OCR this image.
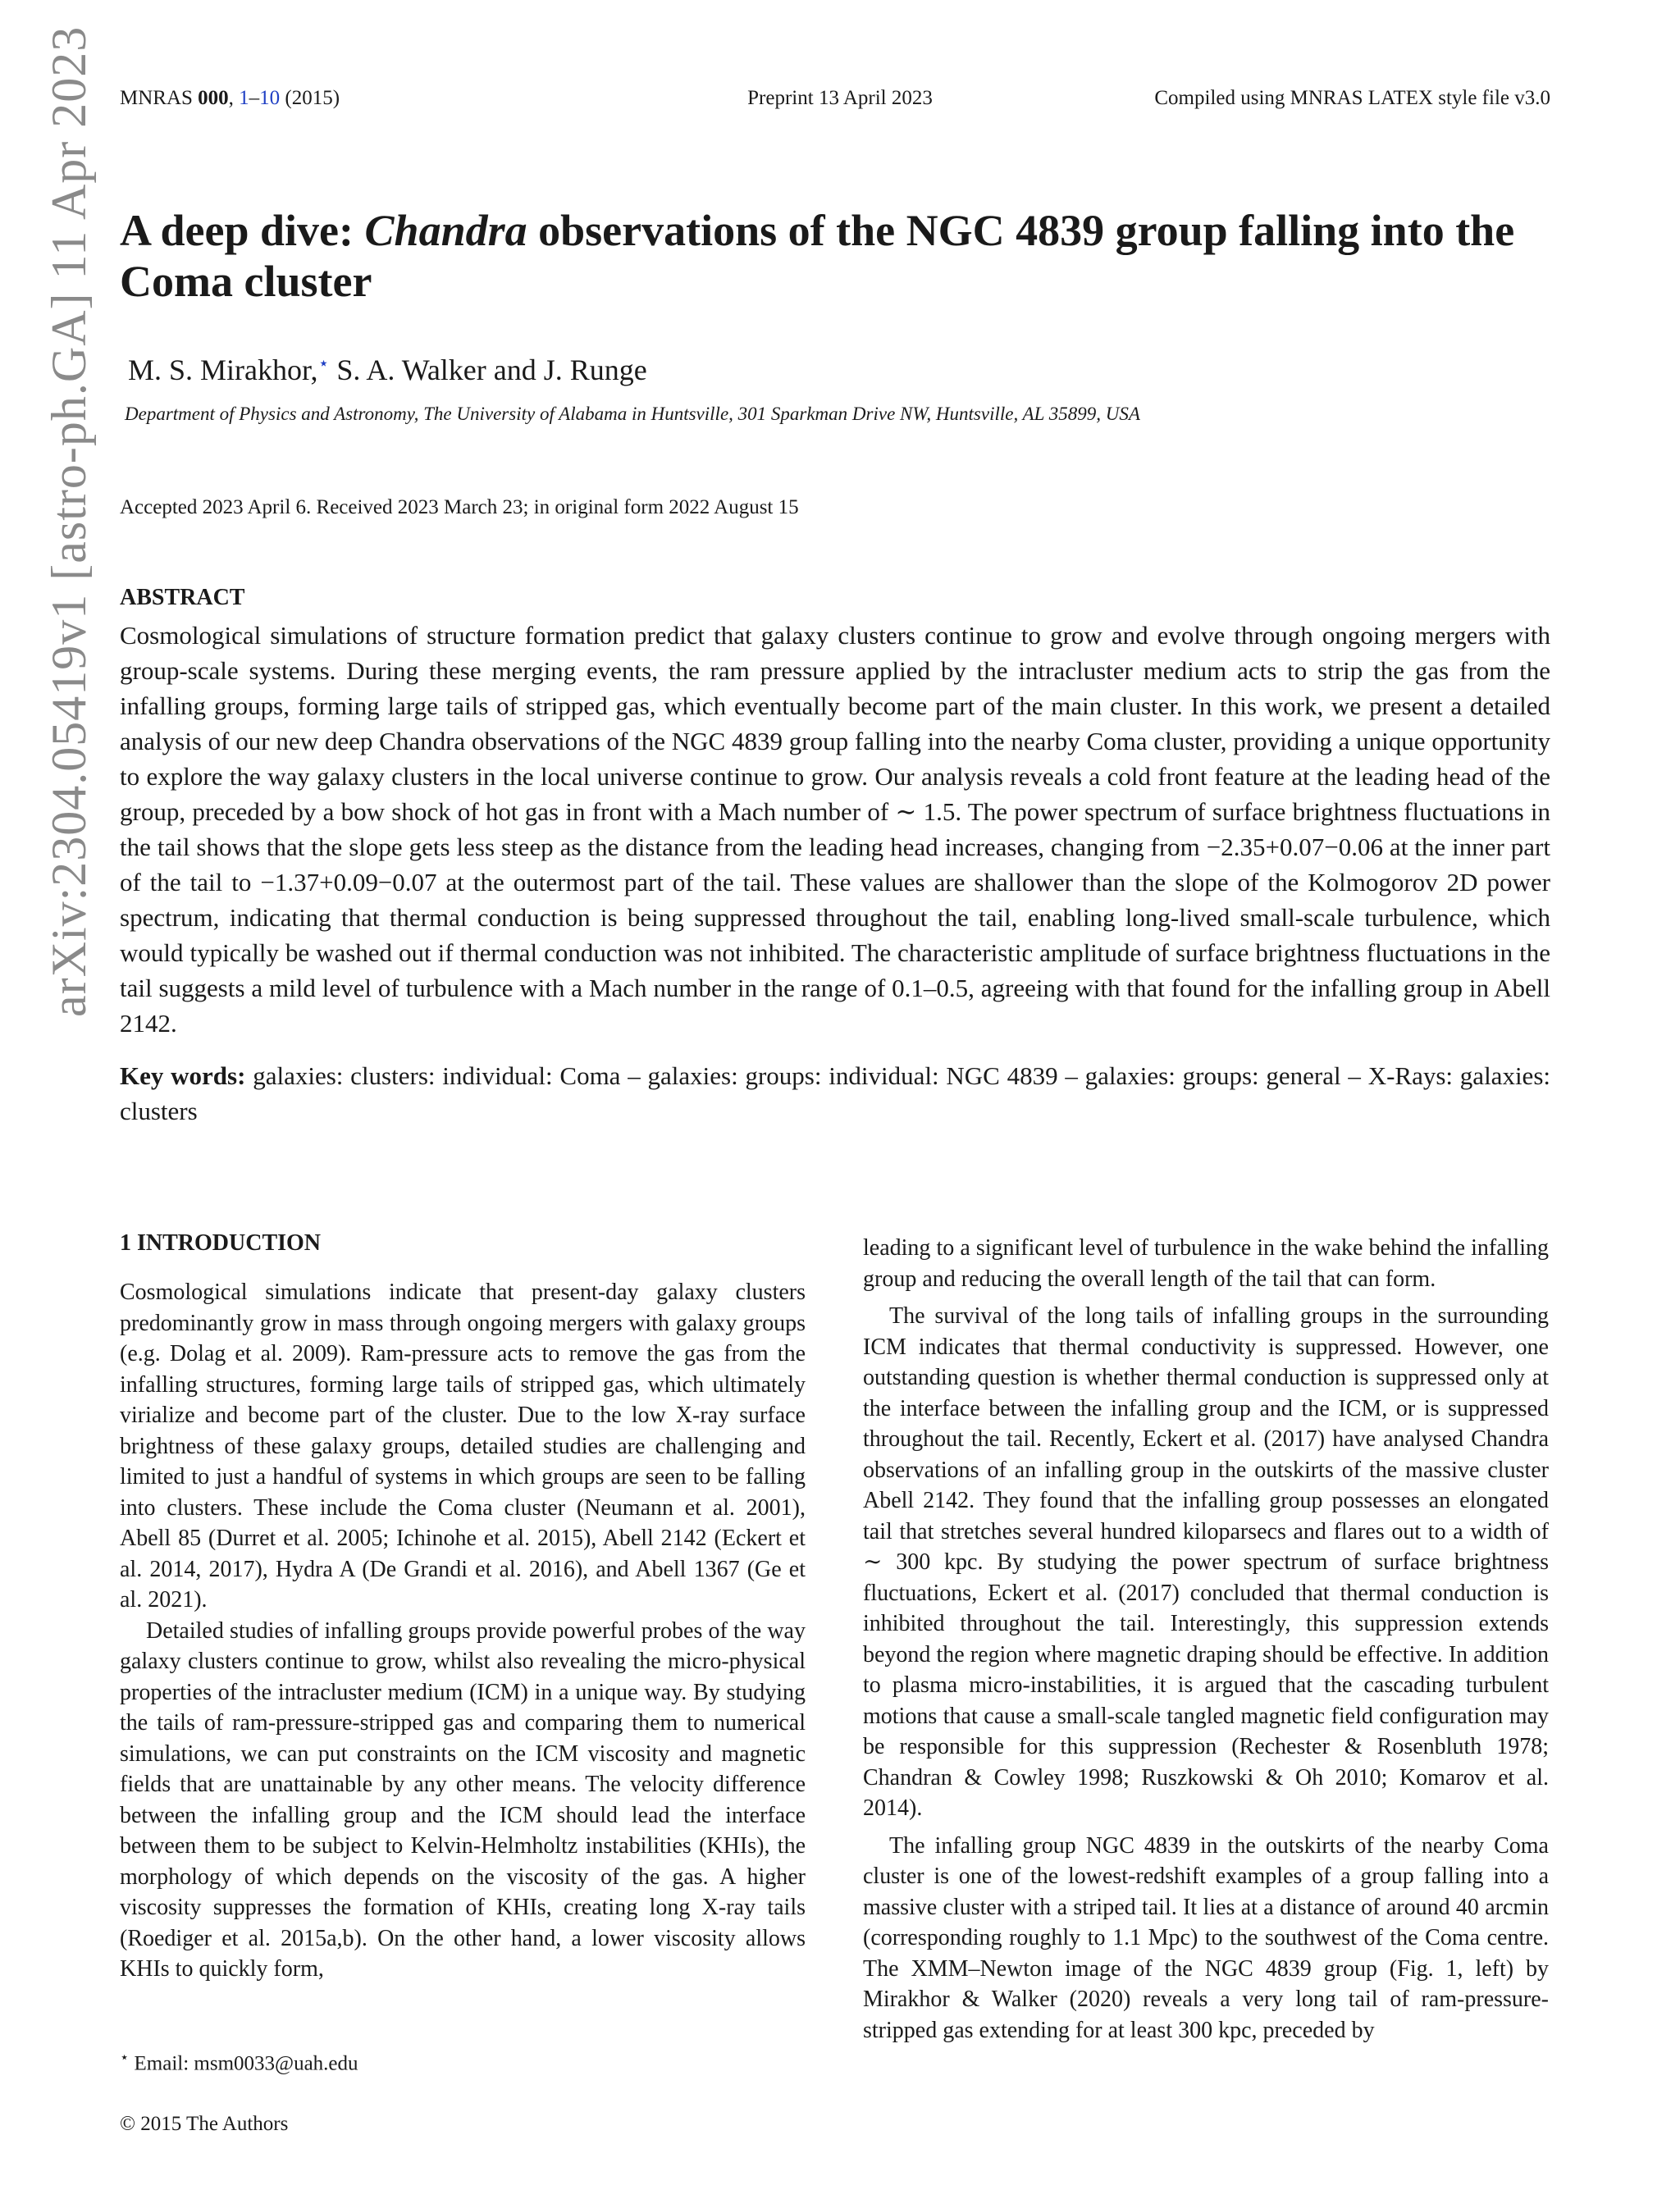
MNRAS 000, 1–10 (2015)	Preprint 13 April 2023	Compiled using MNRAS LATEX style file v3.0
arXiv:2304.05419v1 [astro-ph.GA] 11 Apr 2023 A deep dive: Chandra observations of the NGC 4839 group falling into the Coma cluster
M. S. Mirakhor,⋆ S. A. Walker and J. Runge
Department of Physics and Astronomy, The University of Alabama in Huntsville, 301 Sparkman Drive NW, Huntsville, AL 35899, USA
Accepted 2023 April 6. Received 2023 March 23; in original form 2022 August 15
ABSTRACT

Cosmological simulations of structure formation predict that galaxy clusters continue to grow and evolve through ongoing mergers with group-scale systems. During these merging events, the ram pressure applied by the intracluster medium acts to strip the gas from the infalling groups, forming large tails of stripped gas, which eventually become part of the main cluster. In this work, we present a detailed analysis of our new deep Chandra observations of the NGC 4839 group falling into the nearby Coma cluster, providing a unique opportunity to explore the way galaxy clusters in the local universe continue to grow. Our analysis reveals a cold front feature at the leading head of the group, preceded by a bow shock of hot gas in front with a Mach number of ∼ 1.5. The power spectrum of surface brightness fluctuations in the tail shows that the slope gets less steep as the distance from the leading head increases, changing from −2.35+0.07−0.06 at the inner part of the tail to −1.37+0.09−0.07 at the outermost part of the tail. These values are shallower than the slope of the Kolmogorov 2D power spectrum, indicating that thermal conduction is being suppressed throughout the tail, enabling long-lived small-scale turbulence, which would typically be washed out if thermal conduction was not inhibited. The characteristic amplitude of surface brightness fluctuations in the tail suggests a mild level of turbulence with a Mach number in the range of 0.1–0.5, agreeing with that found for the infalling group in Abell 2142.

Key words: galaxies: clusters: individual: Coma – galaxies: groups: individual: NGC 4839 – galaxies: groups: general – X-Rays: galaxies: clusters
1 INTRODUCTION

Cosmological simulations indicate that present-day galaxy clusters predominantly grow in mass through ongoing mergers with galaxy groups (e.g. Dolag et al. 2009). Ram-pressure acts to remove the gas from the infalling structures, forming large tails of stripped gas, which ultimately virialize and become part of the cluster. Due to the low X-ray surface brightness of these galaxy groups, detailed studies are challenging and limited to just a handful of systems in which groups are seen to be falling into clusters. These include the Coma cluster (Neumann et al. 2001), Abell 85 (Durret et al. 2005; Ichinohe et al. 2015), Abell 2142 (Eckert et al. 2014, 2017), Hydra A (De Grandi et al. 2016), and Abell 1367 (Ge et al. 2021).

Detailed studies of infalling groups provide powerful probes of the way galaxy clusters continue to grow, whilst also revealing the micro-physical properties of the intracluster medium (ICM) in a unique way. By studying the tails of ram-pressure-stripped gas and comparing them to numerical simulations, we can put constraints on the ICM viscosity and magnetic fields that are unattainable by any other means. The velocity difference between the infalling group and the ICM should lead the interface between them to be subject to Kelvin-Helmholtz instabilities (KHIs), the morphology of which depends on the viscosity of the gas. A higher viscosity suppresses the formation of KHIs, creating long X-ray tails (Roediger et al. 2015a,b). On the other hand, a lower viscosity allows KHIs to quickly form,

leading to a significant level of turbulence in the wake behind the infalling group and reducing the overall length of the tail that can form.

The survival of the long tails of infalling groups in the surrounding ICM indicates that thermal conductivity is suppressed. However, one outstanding question is whether thermal conduction is suppressed only at the interface between the infalling group and the ICM, or is suppressed throughout the tail. Recently, Eckert et al. (2017) have analysed Chandra observations of an infalling group in the outskirts of the massive cluster Abell 2142. They found that the infalling group possesses an elongated tail that stretches several hundred kiloparsecs and flares out to a width of ∼ 300 kpc. By studying the power spectrum of surface brightness fluctuations, Eckert et al. (2017) concluded that thermal conduction is inhibited throughout the tail. Interestingly, this suppression extends beyond the region where magnetic draping should be effective. In addition to plasma micro-instabilities, it is argued that the cascading turbulent motions that cause a small-scale tangled magnetic field configuration may be responsible for this suppression (Rechester & Rosenbluth 1978; Chandran & Cowley 1998; Ruszkowski & Oh 2010; Komarov et al. 2014).

The infalling group NGC 4839 in the outskirts of the nearby Coma cluster is one of the lowest-redshift examples of a group falling into a massive cluster with a striped tail. It lies at a distance of around 40 arcmin (corresponding roughly to 1.1 Mpc) to the southwest of the Coma centre. The XMM–Newton image of the NGC 4839 group (Fig. 1, left) by Mirakhor & Walker (2020) reveals a very long tail of ram-pressure-stripped gas extending for at least 300 kpc, preceded by

⋆ Email: msm0033@uah.edu
© 2015 The Authors
